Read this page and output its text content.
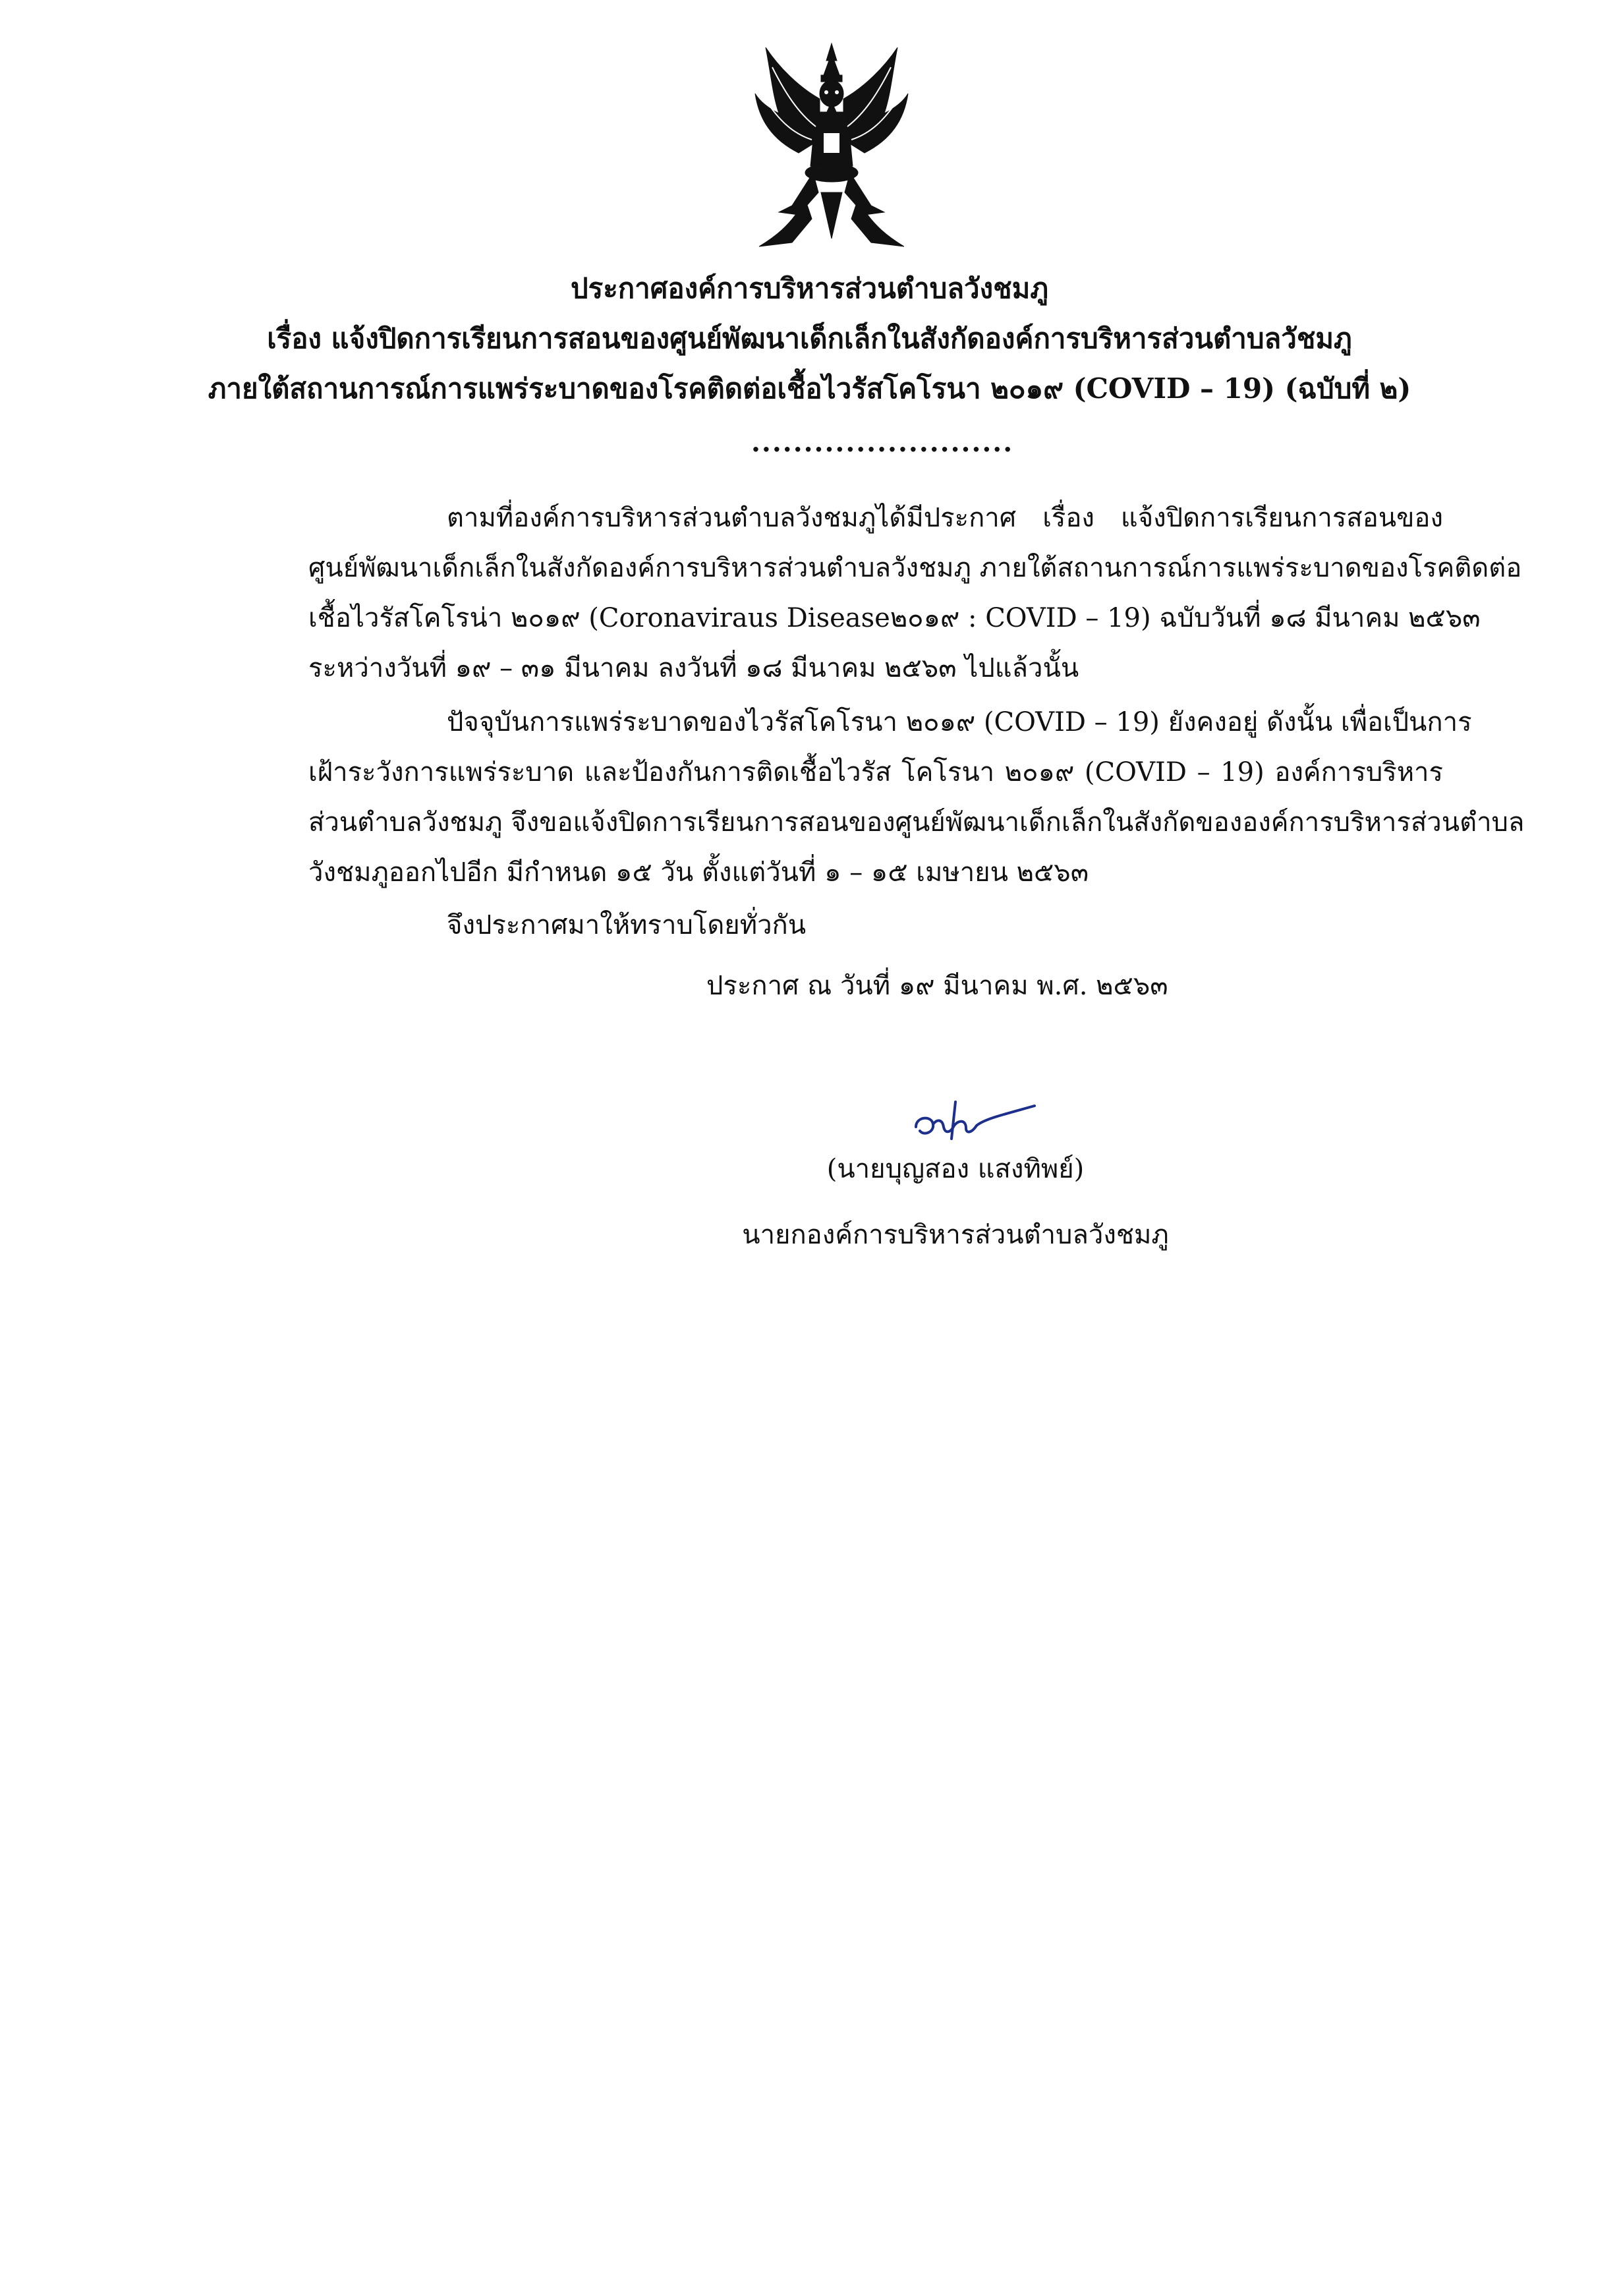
ประกาศองค์การบริหารส่วนตำบลวังชมภู
เรื่อง แจ้งปิดการเรียนการสอนของศูนย์พัฒนาเด็กเล็กในสังกัดองค์การบริหารส่วนตำบลวัชมภู
ภายใต้สถานการณ์การแพร่ระบาดของโรคติดต่อเชื้อไวรัสโคโรนา ๒๐๑๙ (COVID – 19) (ฉบับที่ ๒)
.........................
ตามที่องค์การบริหารส่วนตำบลวังชมภูได้มีประกาศ เรื่อง แจ้งปิดการเรียนการสอนของ
ศูนย์พัฒนาเด็กเล็กในสังกัดองค์การบริหารส่วนตำบลวังชมภู ภายใต้สถานการณ์การแพร่ระบาดของโรคติดต่อ
เชื้อไวรัสโคโรน่า ๒๐๑๙ (Coronaviraus Disease๒๐๑๙ : COVID – 19) ฉบับวันที่ ๑๘ มีนาคม ๒๕๖๓
ระหว่างวันที่ ๑๙ – ๓๑ มีนาคม ลงวันที่ ๑๘ มีนาคม ๒๕๖๓ ไปแล้วนั้น
ปัจจุบันการแพร่ระบาดของไวรัสโคโรนา ๒๐๑๙ (COVID – 19) ยังคงอยู่ ดังนั้น เพื่อเป็นการ
เฝ้าระวังการแพร่ระบาด และป้องกันการติดเชื้อไวรัส โคโรนา ๒๐๑๙ (COVID – 19) องค์การบริหาร
ส่วนตำบลวังชมภู จึงขอแจ้งปิดการเรียนการสอนของศูนย์พัฒนาเด็กเล็กในสังกัดขององค์การบริหารส่วนตำบล
วังชมภูออกไปอีก มีกำหนด ๑๕ วัน ตั้งแต่วันที่ ๑ – ๑๕ เมษายน ๒๕๖๓
จึงประกาศมาให้ทราบโดยทั่วกัน
ประกาศ ณ วันที่ ๑๙ มีนาคม พ.ศ. ๒๕๖๓
(นายบุญสอง แสงทิพย์)
นายกองค์การบริหารส่วนตำบลวังชมภู
